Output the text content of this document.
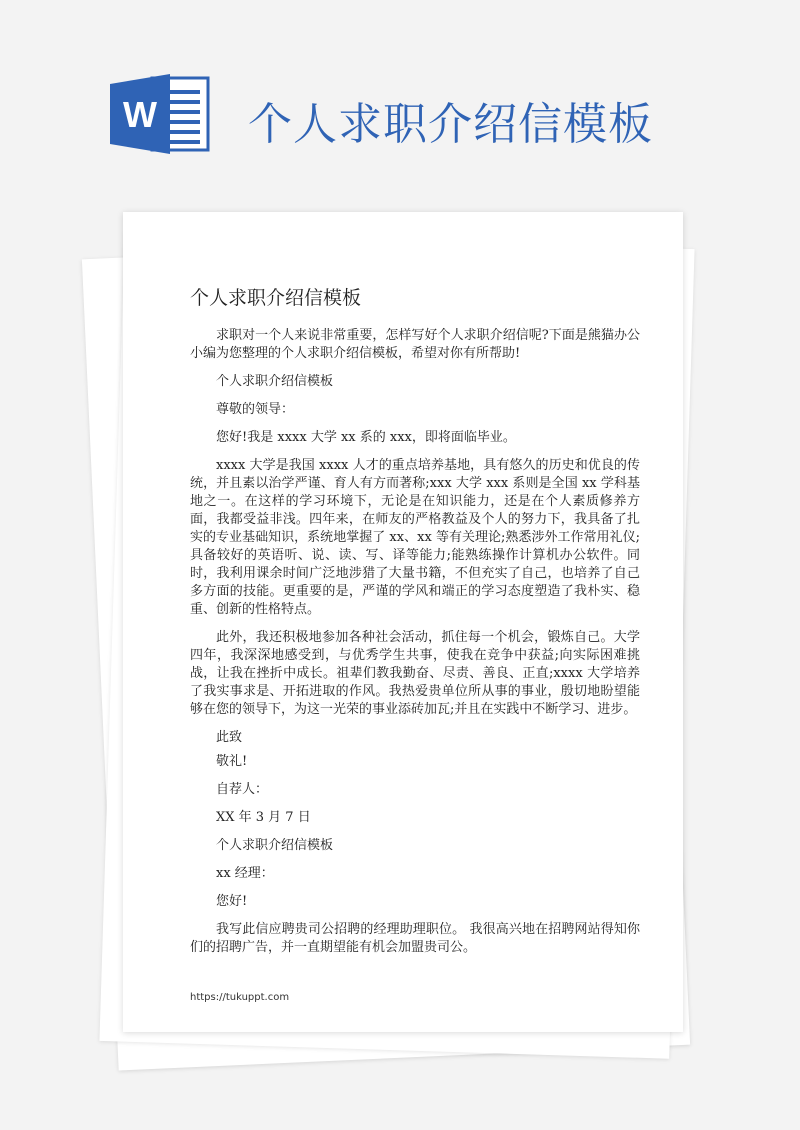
W 个人求职介绍信模板
个人求职介绍信模板

求职对一个人来说非常重要，怎样写好个人求职介绍信呢?下面是熊猫办公小编为您整理的个人求职介绍信模板，希望对你有所帮助!

个人求职介绍信模板

尊敬的领导：

您好!我是 xxxx 大学 xx 系的 xxx，即将面临毕业。

xxxx 大学是我国 xxxx 人才的重点培养基地，具有悠久的历史和优良的传统，并且素以治学严谨、育人有方而著称;xxx 大学 xxx 系则是全国 xx 学科基地之一。在这样的学习环境下，无论是在知识能力，还是在个人素质修养方面，我都受益非浅。四年来，在师友的严格教益及个人的努力下，我具备了扎实的专业基础知识，系统地掌握了 xx、xx 等有关理论;熟悉涉外工作常用礼仪;具备较好的英语听、说、读、写、译等能力;能熟练操作计算机办公软件。同时，我利用课余时间广泛地涉猎了大量书籍，不但充实了自己，也培养了自己多方面的技能。更重要的是，严谨的学风和端正的学习态度塑造了我朴实、稳重、创新的性格特点。

此外，我还积极地参加各种社会活动，抓住每一个机会，锻炼自己。大学四年，我深深地感受到，与优秀学生共事，使我在竞争中获益;向实际困难挑战，让我在挫折中成长。祖辈们教我勤奋、尽责、善良、正直;xxxx 大学培养了我实事求是、开拓进取的作风。我热爱贵单位所从事的事业，殷切地盼望能够在您的领导下，为这一光荣的事业添砖加瓦;并且在实践中不断学习、进步。

此致

敬礼!

自荐人：

XX 年 3 月 7 日

个人求职介绍信模板

xx 经理：

您好!

我写此信应聘贵司公招聘的经理助理职位。 我很高兴地在招聘网站得知你们的招聘广告，并一直期望能有机会加盟贵司公。

https://tukuppt.com
